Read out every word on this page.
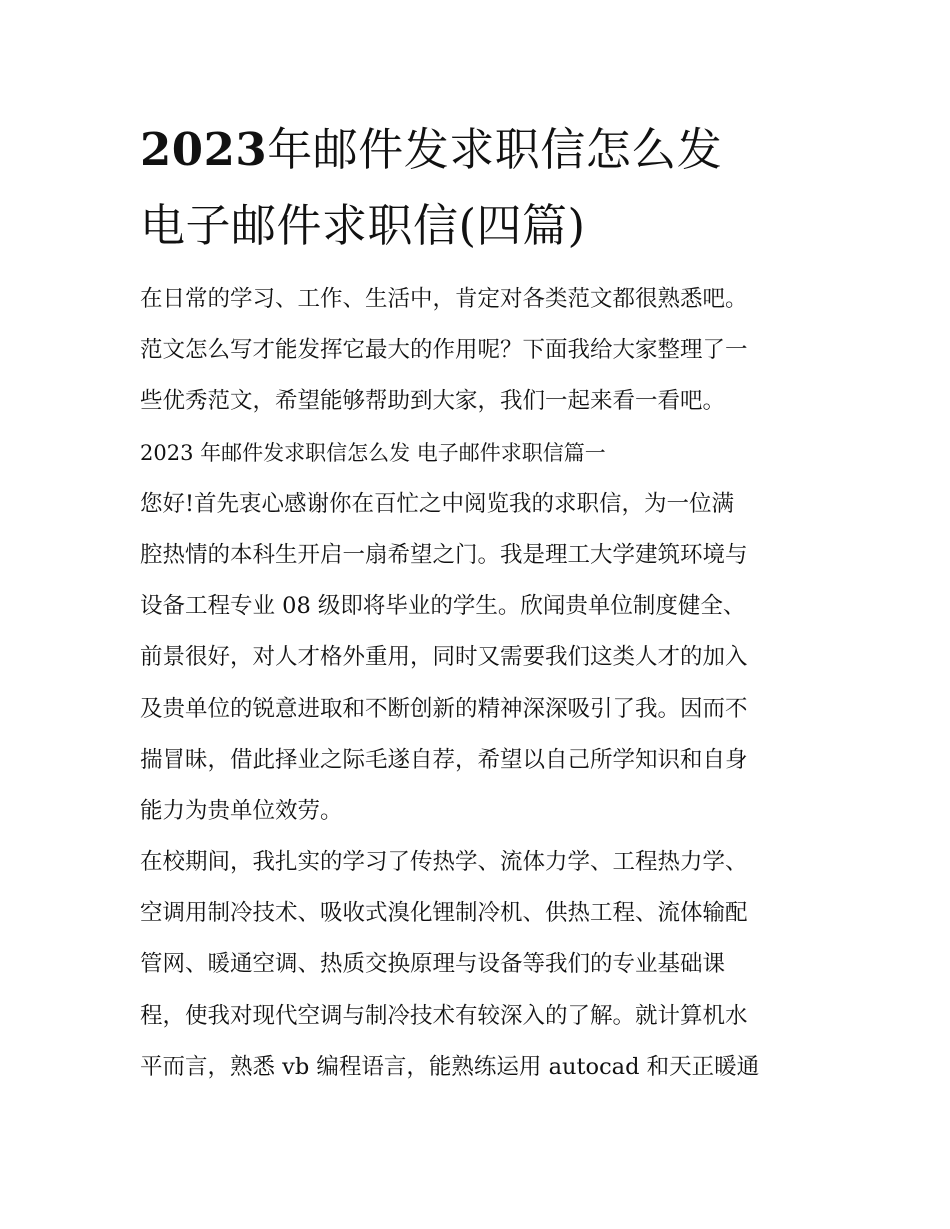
2023年邮件发求职信怎么发
电子邮件求职信(四篇)
在日常的学习、工作、生活中，肯定对各类范文都很熟悉吧。
范文怎么写才能发挥它最大的作用呢？下面我给大家整理了一
些优秀范文，希望能够帮助到大家，我们一起来看一看吧。
2023 年邮件发求职信怎么发 电子邮件求职信篇一
您好!首先衷心感谢你在百忙之中阅览我的求职信，为一位满
腔热情的本科生开启一扇希望之门。我是理工大学建筑环境与
设备工程专业 08 级即将毕业的学生。欣闻贵单位制度健全、
前景很好，对人才格外重用，同时又需要我们这类人才的加入
及贵单位的锐意进取和不断创新的精神深深吸引了我。因而不
揣冒昧，借此择业之际毛遂自荐，希望以自己所学知识和自身
能力为贵单位效劳。
在校期间，我扎实的学习了传热学、流体力学、工程热力学、
空调用制冷技术、吸收式溴化锂制冷机、供热工程、流体输配
管网、暖通空调、热质交换原理与设备等我们的专业基础课
程，使我对现代空调与制冷技术有较深入的了解。就计算机水
平而言，熟悉 vb 编程语言，能熟练运用 autocad 和天正暖通
